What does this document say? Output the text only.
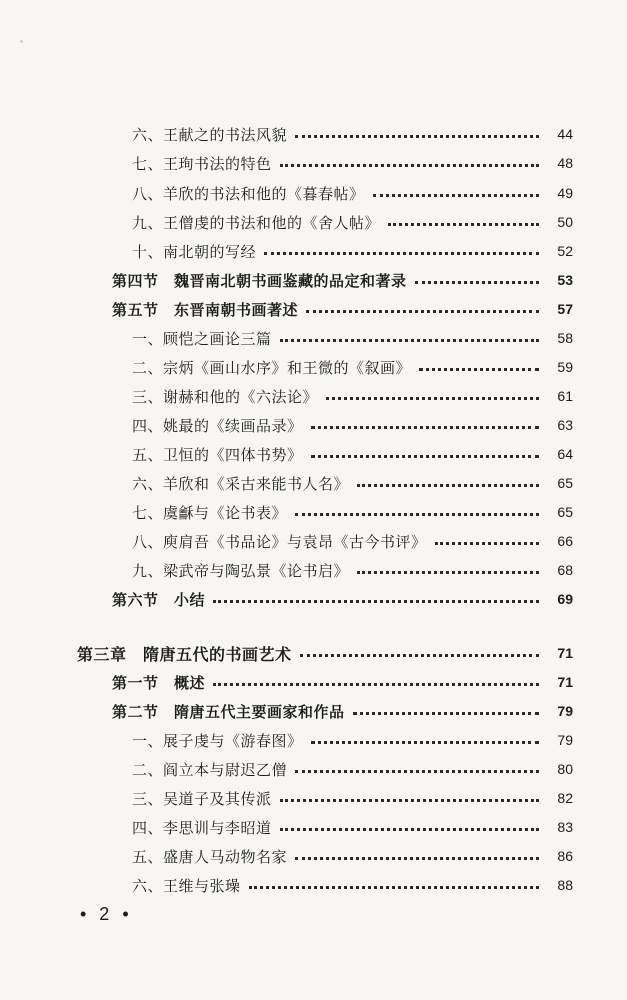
六、王献之的书法风貌	44
七、王珣书法的特色	48
八、羊欣的书法和他的《暮春帖》	49
九、王僧虔的书法和他的《舍人帖》	50
十、南北朝的写经	52
第四节　魏晋南北朝书画鉴藏的品定和著录	53
第五节　东晋南朝书画著述	57
一、顾恺之画论三篇	58
二、宗炳《画山水序》和王微的《叙画》	59
三、谢赫和他的《六法论》	61
四、姚最的《续画品录》	63
五、卫恒的《四体书势》	64
六、羊欣和《采古来能书人名》	65
七、虞龢与《论书表》	65
八、庾肩吾《书品论》与袁昂《古今书评》	66
九、梁武帝与陶弘景《论书启》	68
第六节　小结	69
第三章　隋唐五代的书画艺术	71
第一节　概述	71
第二节　隋唐五代主要画家和作品	79
一、展子虔与《游春图》	79
二、阎立本与尉迟乙僧	80
三、吴道子及其传派	82
四、李思训与李昭道	83
五、盛唐人马动物名家	86
六、王维与张璪	88
• 2 •
